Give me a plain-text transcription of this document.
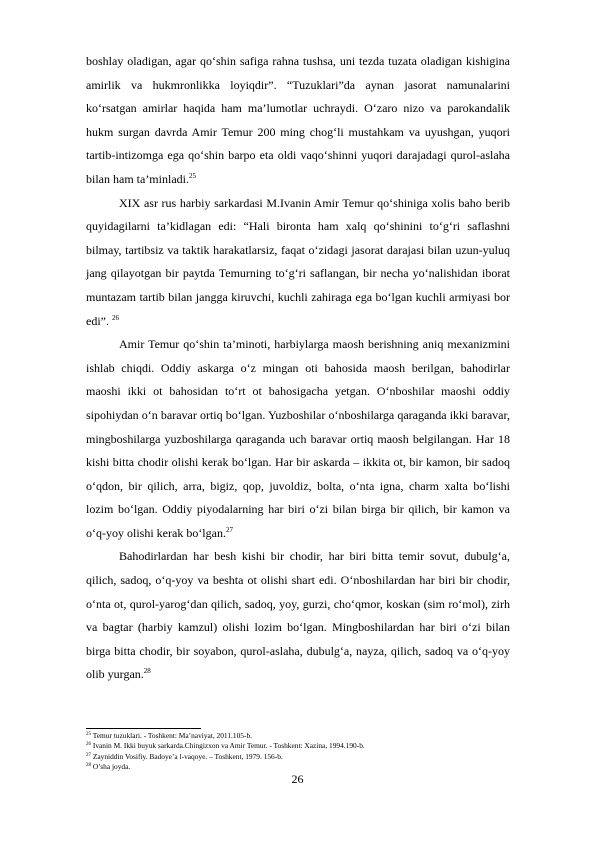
boshlay oladigan, agar qo‘shin safiga rahna tushsa, uni tezda tuzata oladigan kishigina amirlik va hukmronlikka loyiqdir”. “Tuzuklari”da aynan jasorat namunalarini ko‘rsatgan amirlar haqida ham ma’lumotlar uchraydi. O‘zaro nizo va parokandalik hukm surgan davrda Amir Temur 200 ming chog‘li mustahkam va uyushgan, yuqori tartib-intizomga ega qo‘shin barpo eta oldi vaqo‘shinni yuqori darajadagi qurol-aslaha bilan ham ta’minladi.$^{25}$

XIX asr rus harbiy sarkardasi M.Ivanin Amir Temur qo‘shiniga xolis baho berib quyidagilarni ta’kidlagan edi: “Hali bironta ham xalq qo‘shinini to‘g‘ri saflashni bilmay, tartibsiz va taktik harakatlarsiz, faqat o‘zidagi jasorat darajasi bilan uzun-yuluq jang qilayotgan bir paytda Temurning to‘g‘ri saflangan, bir necha yo‘nalishidan iborat muntazam tartib bilan jangga kiruvchi, kuchli zahiraga ega bo‘lgan kuchli armiyasi bor edi”. $^{26}$

Amir Temur qo‘shin ta’minoti, harbiylarga maosh berishning aniq mexanizmini ishlab chiqdi. Oddiy askarga o‘z mingan oti bahosida maosh berilgan, bahodirlar maoshi ikki ot bahosidan to‘rt ot bahosigacha yetgan. O‘nboshilar maoshi oddiy sipohiydan o‘n baravar ortiq bo‘lgan. Yuzboshilar o‘nboshilarga qaraganda ikki baravar, mingboshilarga yuzboshilarga qaraganda uch baravar ortiq maosh belgilangan. Har 18 kishi bitta chodir olishi kerak bo‘lgan. Har bir askarda – ikkita ot, bir kamon, bir sadoq o‘qdon, bir qilich, arra, bigiz, qop, juvoldiz, bolta, o‘nta igna, charm xalta bo‘lishi lozim bo‘lgan. Oddiy piyodalarning har biri o‘zi bilan birga bir qilich, bir kamon va o‘q-yoy olishi kerak bo‘lgan.$^{27}$

Bahodirlardan har besh kishi bir chodir, har biri bitta temir sovut, dubulg‘a, qilich, sadoq, o‘q-yoy va beshta ot olishi shart edi. O‘nboshilardan har biri bir chodir, o‘nta ot, qurol-yarog‘dan qilich, sadoq, yoy, gurzi, cho‘qmor, koskan (sim ro‘mol), zirh va bagtar (harbiy kamzul) olishi lozim bo‘lgan. Mingboshilardan har biri o‘zi bilan birga bitta chodir, bir soyabon, qurol-aslaha, dubulg‘a, nayza, qilich, sadoq va o‘q-yoy olib yurgan.$^{28}$

$^{25}$ Temur tuzuklari. - Toshkent: Ma’naviyat, 2011.105-b.

$^{26}$ Ivanin M. Ikki buyuk sarkarda.Chingizxon va Amir Temur. - Toshkent: Xazina, 1994.190-b.

$^{27}$ Zayniddin Vosifiy. Badoye’a l-vaqoye. – Toshkent, 1979. 156-b.

$^{28}$ O’sha joyda.

26
